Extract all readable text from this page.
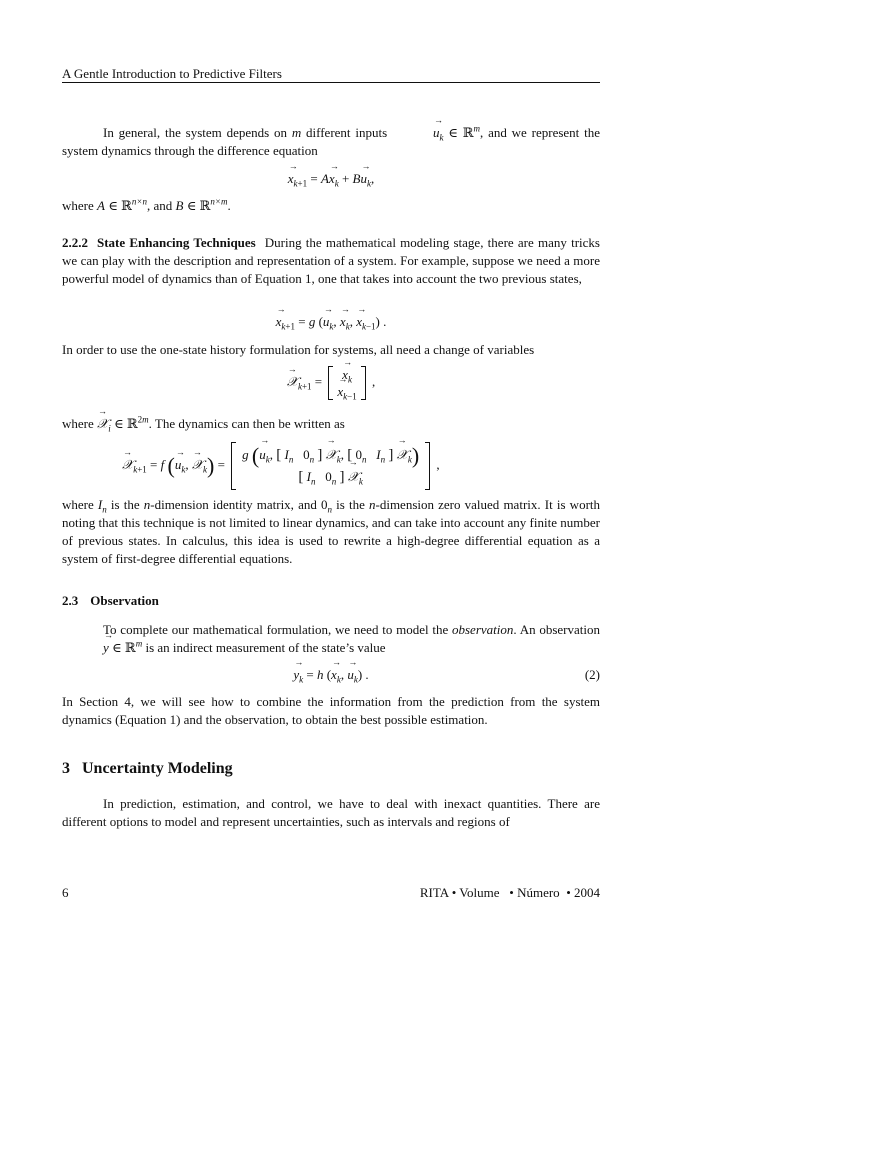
A Gentle Introduction to Predictive Filters

In general, the system depends on m different inputs	→ $u_k$ ∈ ℝ$^m$, and we represent the system dynamics through the difference equation

→ $x_{k+1} = A\to x_k + B\to u_k$,

where A ∈ ℝ$^{n\times n}$, and B ∈ ℝ$^{n\times m}$.

2.2.2 State Enhancing Techniques During the mathematical modeling stage, there are many tricks we can play with the description and representation of a system. For example, suppose we need a more powerful model of dynamics than of Equation 1, one that takes into account the two previous states,

→ $x_{k+1} = g$ (→ $u_k$, → $x_k$, → $x_{k-1}$) .

In order to use the one-state history formulation for systems, all need a change of variables

→ 𝒳$_{k+1}$ = → $x_k$
→ $x_{k-1}$
,

where → 𝒳$_i$ ∈ ℝ$^{2m}$. The dynamics can then be written as

→ 𝒳$_{k+1}$ = f (→ $u_k$, → 𝒳$_k$) =
g (→ $u_k$, [ $I_n$   $0_n$ ] → 𝒳$_k$, [ $0_n$ $I_n$ ] → 𝒳$_k$)
[ $I_n$   $0_n$ ] → 𝒳$_k$
,

where $I_n$ is the n-dimension identity matrix, and $0_n$ is the n-dimension zero valued matrix. It is worth noting that this technique is not limited to linear dynamics, and can take into account any finite number of previous states. In calculus, this idea is used to rewrite a high-degree differential equation as a system of first-degree differential equations.

2.3 Observation

To complete our mathematical formulation, we need to model the observation. An observation → y ∈ ℝ$^m$ is an indirect measurement of the state’s value

→ $y_k = h$ (→ $x_k$, → $u_k$) .	(2)

In Section 4, we will see how to combine the information from the prediction from the system dynamics (Equation 1) and the observation, to obtain the best possible estimation.

3 Uncertainty Modeling

In prediction, estimation, and control, we have to deal with inexact quantities. There are different options to model and represent uncertainties, such as intervals and regions of

6	RITA • Volume   • Número  • 2004
